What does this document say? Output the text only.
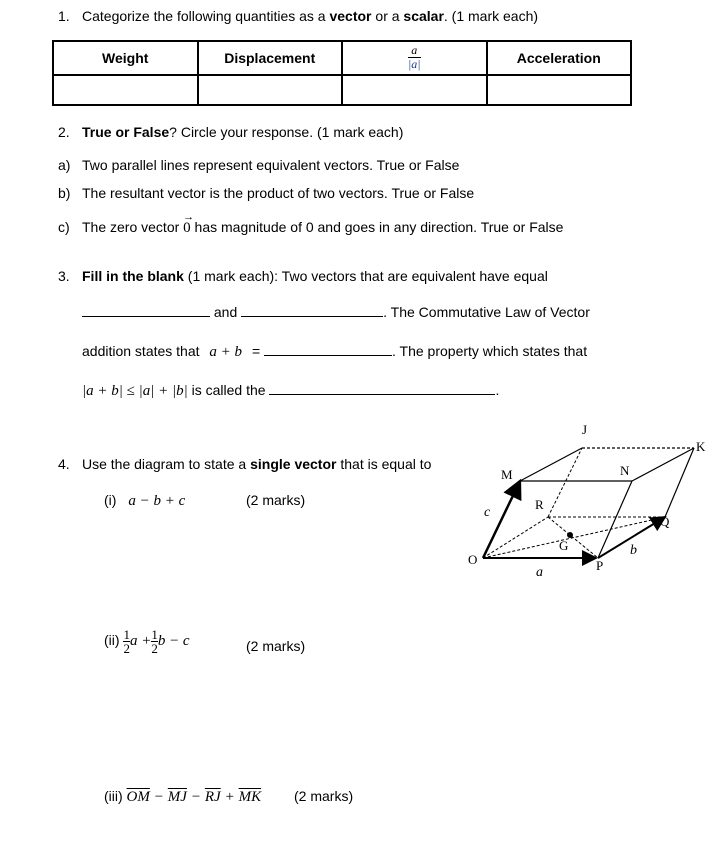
1. Categorize the following quantities as a vector or a scalar. (1 mark each)
Weight	Displacement	$\frac{a}{|a|}$	Acceleration

2. True or False? Circle your response. (1 mark each)
a) Two parallel lines represent equivalent vectors. True or False
b) The resultant vector is the product of two vectors. True or False
c) The zero vector 0
→
has magnitude of 0 and goes in any direction. True or False
3. Fill in the blank (1 mark each): Two vectors that are equivalent have equal
and	. The Commutative Law of Vector
addition states that a + b =	. The property which states that
|a + b| ≤ |a| + |b| is called the	.
4. Use the diagram to state a single vector that is equal to
(i) a − b + c	(2 marks)
$(ii) \frac{1}{2}$ $a + \frac{1}{2}$ b − c	(2 marks)
(iii) $\overline{OM} - \overline{MJ} - \overline{RJ} + \overline{MK}$ (2 marks)
J
K
M	N
R
G
O	P
Q
c
b
a
